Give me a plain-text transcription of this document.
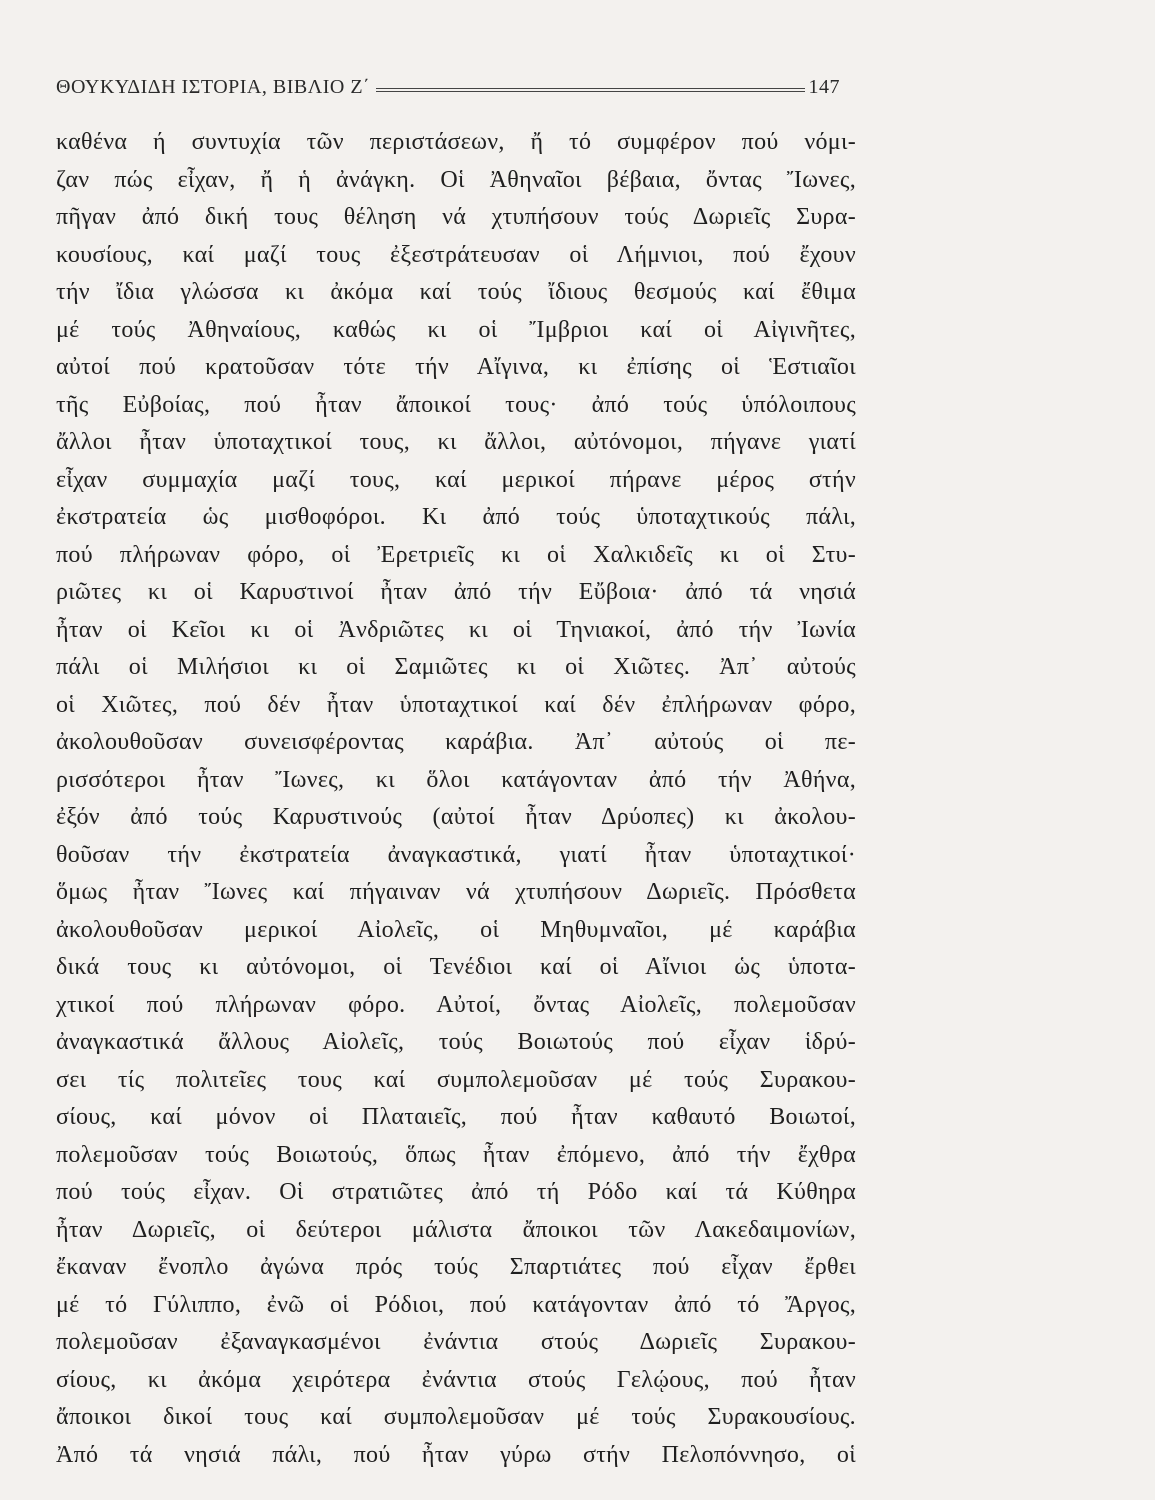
ΘΟΥΚΥΔΙΔΗ ΙΣΤΟΡΙΑ, ΒΙΒΛΙΟ Ζ΄	147
καθένα ή συντυχία τῶν περιστάσεων, ἤ τό συμφέρον πού νόμι-
ζαν πώς εἶχαν, ἤ ἡ ἀνάγκη. Οἱ Ἀθηναῖοι βέβαια, ὄντας Ἴωνες,
πῆγαν ἀπό δική τους θέληση νά χτυπήσουν τούς Δωριεῖς Συρα-
κουσίους, καί μαζί τους ἐξεστράτευσαν οἱ Λήμνιοι, πού ἔχουν
τήν ἴδια γλώσσα κι ἀκόμα καί τούς ἴδιους θεσμούς καί ἔθιμα
μέ τούς Ἀθηναίους, καθώς κι οἱ Ἴμβριοι καί οἱ Αἰγινῆτες,
αὐτοί πού κρατοῦσαν τότε τήν Αἴγινα, κι ἐπίσης οἱ Ἑστιαῖοι
τῆς Εὐβοίας, πού ἦταν ἄποικοί τους· ἀπό τούς ὑπόλοιπους
ἄλλοι ἦταν ὑποταχτικοί τους, κι ἄλλοι, αὐτόνομοι, πήγανε γιατί
εἶχαν συμμαχία μαζί τους, καί μερικοί πήρανε μέρος στήν
ἐκστρατεία ὡς μισθοφόροι. Κι ἀπό τούς ὑποταχτικούς πάλι,
πού πλήρωναν φόρο, οἱ Ἐρετριεῖς κι οἱ Χαλκιδεῖς κι οἱ Στυ-
ριῶτες κι οἱ Καρυστινοί ἦταν ἀπό τήν Εὔβοια· ἀπό τά νησιά
ἦταν οἱ Κεῖοι κι οἱ Ἀνδριῶτες κι οἱ Τηνιακοί, ἀπό τήν Ἰωνία
πάλι οἱ Μιλήσιοι κι οἱ Σαμιῶτες κι οἱ Χιῶτες. Ἀπ᾽ αὐτούς
οἱ Χιῶτες, πού δέν ἦταν ὑποταχτικοί καί δέν ἐπλήρωναν φόρο,
ἀκολουθοῦσαν συνεισφέροντας καράβια. Ἀπ᾽ αὐτούς οἱ πε-
ρισσότεροι ἦταν Ἴωνες, κι ὅλοι κατάγονταν ἀπό τήν Ἀθήνα,
ἐξόν ἀπό τούς Καρυστινούς (αὐτοί ἦταν Δρύοπες) κι ἀκολου-
θοῦσαν τήν ἐκστρατεία ἀναγκαστικά, γιατί ἦταν ὑποταχτικοί·
ὅμως ἦταν Ἴωνες καί πήγαιναν νά χτυπήσουν Δωριεῖς. Πρόσθετα
ἀκολουθοῦσαν μερικοί Αἰολεῖς, οἱ Μηθυμναῖοι, μέ καράβια
δικά τους κι αὐτόνομοι, οἱ Τενέδιοι καί οἱ Αἴνιοι ὡς ὑποτα-
χτικοί πού πλήρωναν φόρο. Αὐτοί, ὄντας Αἰολεῖς, πολεμοῦσαν
ἀναγκαστικά ἄλλους Αἰολεῖς, τούς Βοιωτούς πού εἶχαν ἱδρύ-
σει τίς πολιτεῖες τους καί συμπολεμοῦσαν μέ τούς Συρακου-
σίους, καί μόνον οἱ Πλαταιεῖς, πού ἦταν καθαυτό Βοιωτοί,
πολεμοῦσαν τούς Βοιωτούς, ὅπως ἦταν ἐπόμενο, ἀπό τήν ἔχθρα
πού τούς εἶχαν. Οἱ στρατιῶτες ἀπό τή Ρόδο καί τά Κύθηρα
ἦταν Δωριεῖς, οἱ δεύτεροι μάλιστα ἄποικοι τῶν Λακεδαιμονίων,
ἔκαναν ἔνοπλο ἀγώνα πρός τούς Σπαρτιάτες πού εἶχαν ἔρθει
μέ τό Γύλιππο, ἐνῶ οἱ Ρόδιοι, πού κατάγονταν ἀπό τό Ἄργος,
πολεμοῦσαν ἐξαναγκασμένοι ἐνάντια στούς Δωριεῖς Συρακου-
σίους, κι ἀκόμα χειρότερα ἐνάντια στούς Γελῴους, πού ἦταν
ἄποικοι δικοί τους καί συμπολεμοῦσαν μέ τούς Συρακουσίους.
Ἀπό τά νησιά πάλι, πού ἦταν γύρω στήν Πελοπόννησο, οἱ
